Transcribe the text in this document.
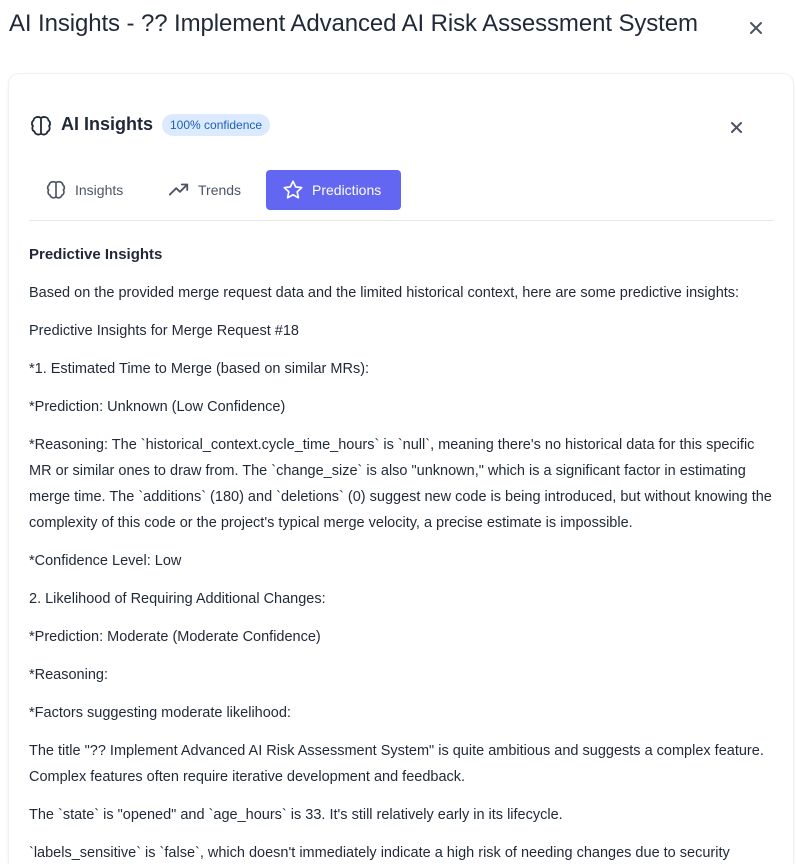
AI Insights - ?? Implement Advanced AI Risk Assessment System
AI Insights	100% confidence
Insights	Trends	Predictions
Predictive Insights

Based on the provided merge request data and the limited historical context, here are some predictive insights:

Predictive Insights for Merge Request #18

*1. Estimated Time to Merge (based on similar MRs):

*Prediction: Unknown (Low Confidence)

*Reasoning: The `historical_context.cycle_time_hours` is `null`, meaning there's no historical data for this specific MR or similar ones to draw from. The `change_size` is also "unknown," which is a significant factor in estimating merge time. The `additions` (180) and `deletions` (0) suggest new code is being introduced, but without knowing the complexity of this code or the project's typical merge velocity, a precise estimate is impossible.

*Confidence Level: Low

2. Likelihood of Requiring Additional Changes:

*Prediction: Moderate (Moderate Confidence)

*Reasoning:

*Factors suggesting moderate likelihood:

The title "?? Implement Advanced AI Risk Assessment System" is quite ambitious and suggests a complex feature. Complex features often require iterative development and feedback.

The `state` is "opened" and `age_hours` is 33. It's still relatively early in its lifecycle.

`labels_sensitive` is `false`, which doesn't immediately indicate a high risk of needing changes due to security
